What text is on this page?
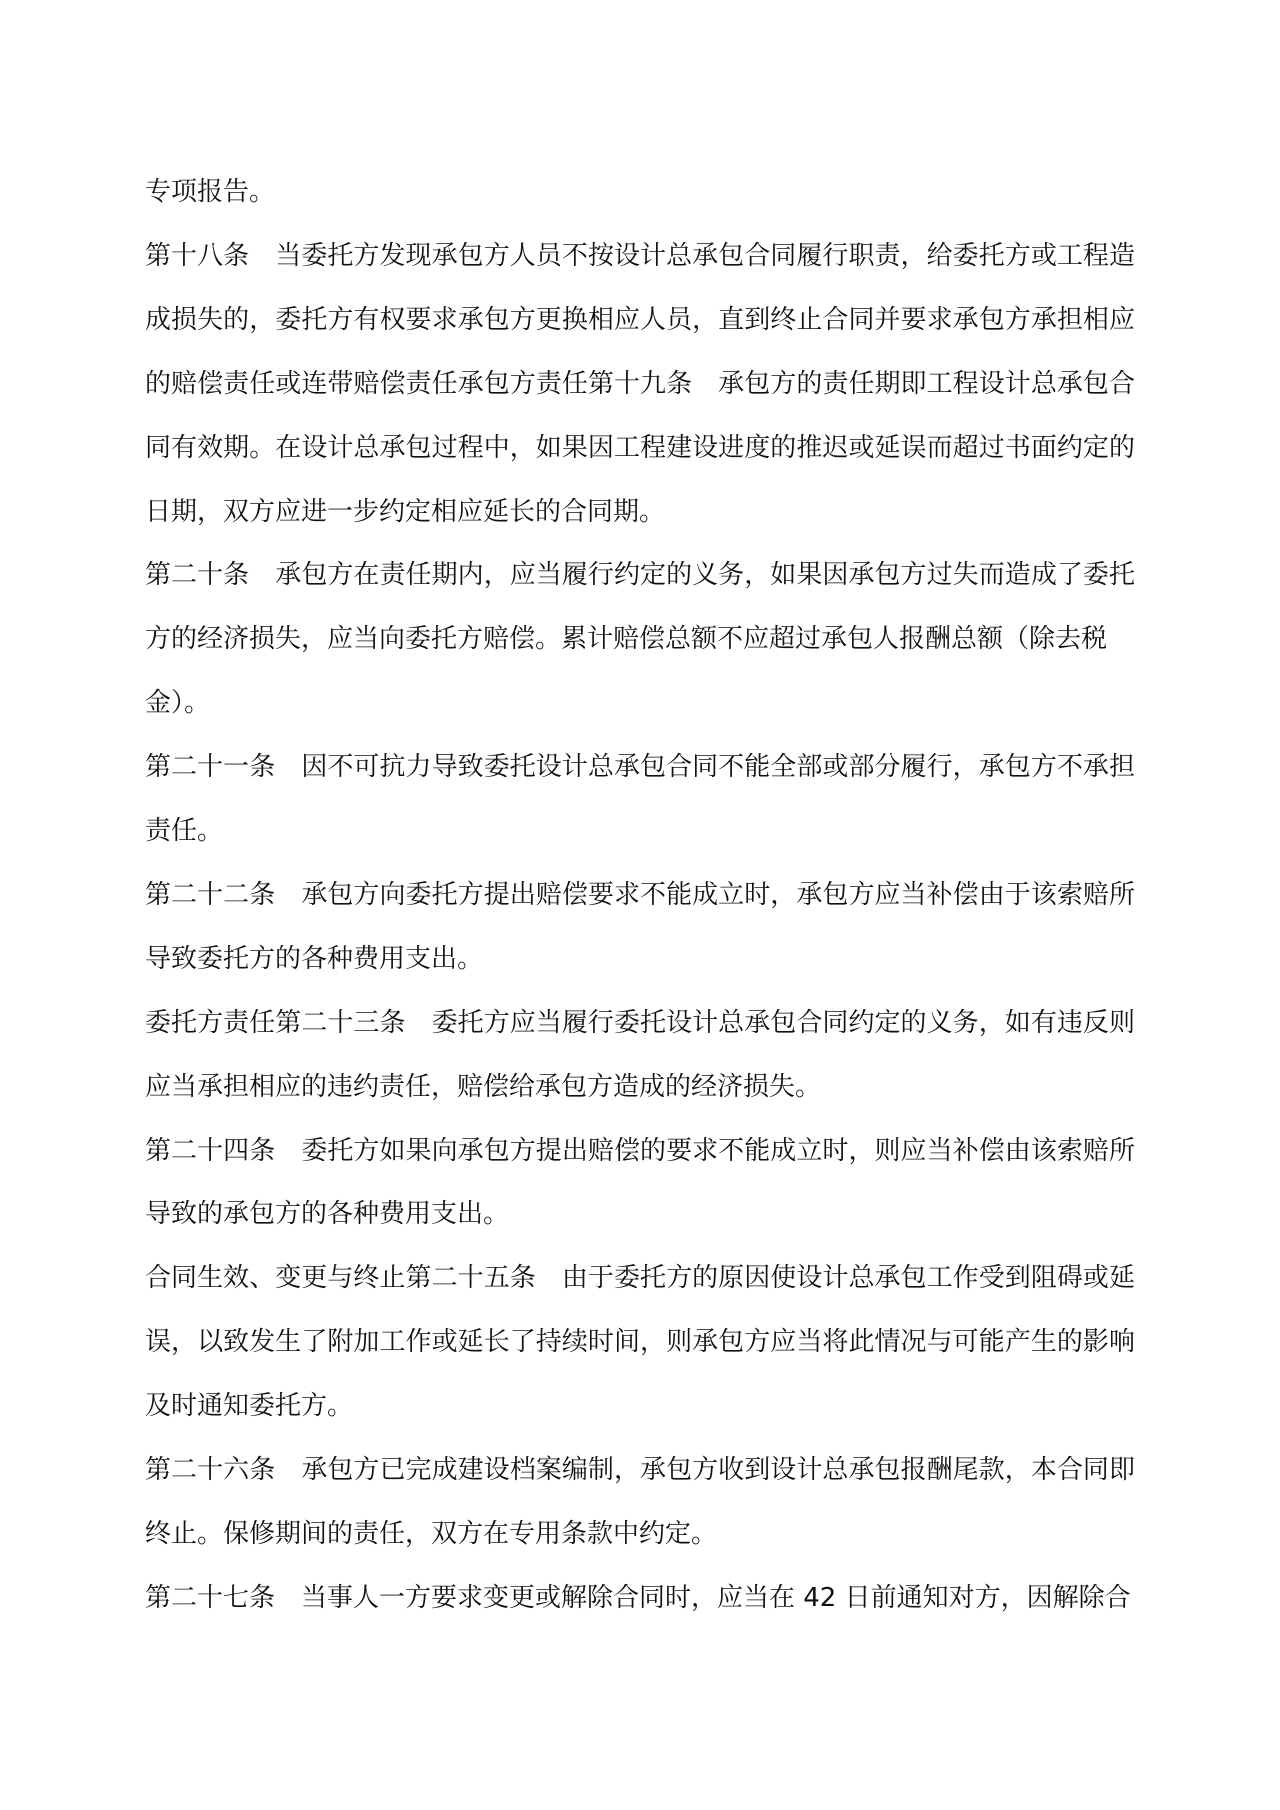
专项报告。
第十八条　当委托方发现承包方人员不按设计总承包合同履行职责，给委托方或工程造
成损失的，委托方有权要求承包方更换相应人员，直到终止合同并要求承包方承担相应
的赔偿责任或连带赔偿责任承包方责任第十九条　承包方的责任期即工程设计总承包合
同有效期。在设计总承包过程中，如果因工程建设进度的推迟或延误而超过书面约定的
日期，双方应进一步约定相应延长的合同期。
第二十条　承包方在责任期内，应当履行约定的义务，如果因承包方过失而造成了委托
方的经济损失，应当向委托方赔偿。累计赔偿总额不应超过承包人报酬总额（除去税
金）。
第二十一条　因不可抗力导致委托设计总承包合同不能全部或部分履行，承包方不承担
责任。
第二十二条　承包方向委托方提出赔偿要求不能成立时，承包方应当补偿由于该索赔所
导致委托方的各种费用支出。
委托方责任第二十三条　委托方应当履行委托设计总承包合同约定的义务，如有违反则
应当承担相应的违约责任，赔偿给承包方造成的经济损失。
第二十四条　委托方如果向承包方提出赔偿的要求不能成立时，则应当补偿由该索赔所
导致的承包方的各种费用支出。
合同生效、变更与终止第二十五条　由于委托方的原因使设计总承包工作受到阻碍或延
误，以致发生了附加工作或延长了持续时间，则承包方应当将此情况与可能产生的影响
及时通知委托方。
第二十六条　承包方已完成建设档案编制，承包方收到设计总承包报酬尾款，本合同即
终止。保修期间的责任，双方在专用条款中约定。
第二十七条　当事人一方要求变更或解除合同时，应当在 42 日前通知对方，因解除合
